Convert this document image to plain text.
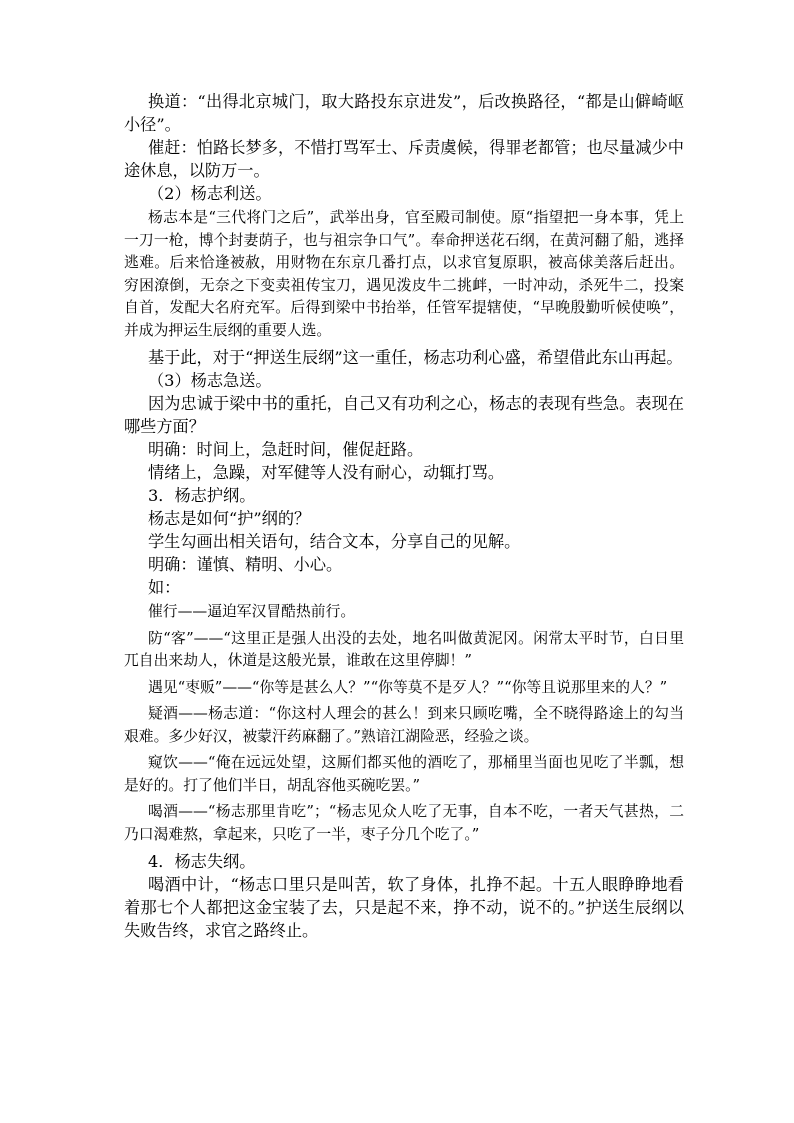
换道：“出得北京城门，取大路投东京进发”，后改换路径，“都是山僻崎岖小径”。

催赶：怕路长梦多，不惜打骂军士、斥责虞候，得罪老都管；也尽量减少中途休息，以防万一。

（2）杨志利送。

杨志本是“三代将门之后”，武举出身，官至殿司制使。原“指望把一身本事，凭上一刀一枪，博个封妻荫子，也与祖宗争口气”。奉命押送花石纲，在黄河翻了船，逃择逃难。后来恰逢被赦，用财物在东京几番打点，以求官复原职，被高俅美落后赶出。穷困潦倒，无奈之下变卖祖传宝刀，遇见泼皮牛二挑衅，一时冲动，杀死牛二，投案自首，发配大名府充军。后得到梁中书抬举，任管军提辖使，“早晚殷勤听候使唤”，并成为押运生辰纲的重要人选。

基于此，对于“押送生辰纲”这一重任，杨志功利心盛，希望借此东山再起。

（3）杨志急送。

因为忠诚于梁中书的重托，自己又有功利之心，杨志的表现有些急。表现在哪些方面？

明确：时间上，急赶时间，催促赶路。

情绪上，急躁，对军健等人没有耐心，动辄打骂。

3．杨志护纲。

杨志是如何“护”纲的？

学生勾画出相关语句，结合文本，分享自己的见解。

明确：谨慎、精明、小心。

如：

催行——逼迫军汉冒酷热前行。

防“客”——“这里正是强人出没的去处，地名叫做黄泥冈。闲常太平时节，白日里兀自出来劫人，休道是这般光景，谁敢在这里停脚！”

遇见“枣贩”——“你等是甚么人？”“你等莫不是歹人？”“你等且说那里来的人？”

疑酒——杨志道：“你这村人理会的甚么！到来只顾吃嘴，全不晓得路途上的勾当艰难。多少好汉，被蒙汗药麻翻了。”熟谙江湖险恶，经验之谈。

窥饮——“俺在远远处望，这厮们都买他的酒吃了，那桶里当面也见吃了半瓢，想是好的。打了他们半日，胡乱容他买碗吃罢。”

喝酒——“杨志那里肯吃”；“杨志见众人吃了无事，自本不吃，一者天气甚热，二乃口渴难熬，拿起来，只吃了一半，枣子分几个吃了。”

4．杨志失纲。

喝酒中计，“杨志口里只是叫苦，软了身体，扎挣不起。十五人眼睁睁地看着那七个人都把这金宝装了去，只是起不来，挣不动，说不的。”护送生辰纲以失败告终，求官之路终止。
